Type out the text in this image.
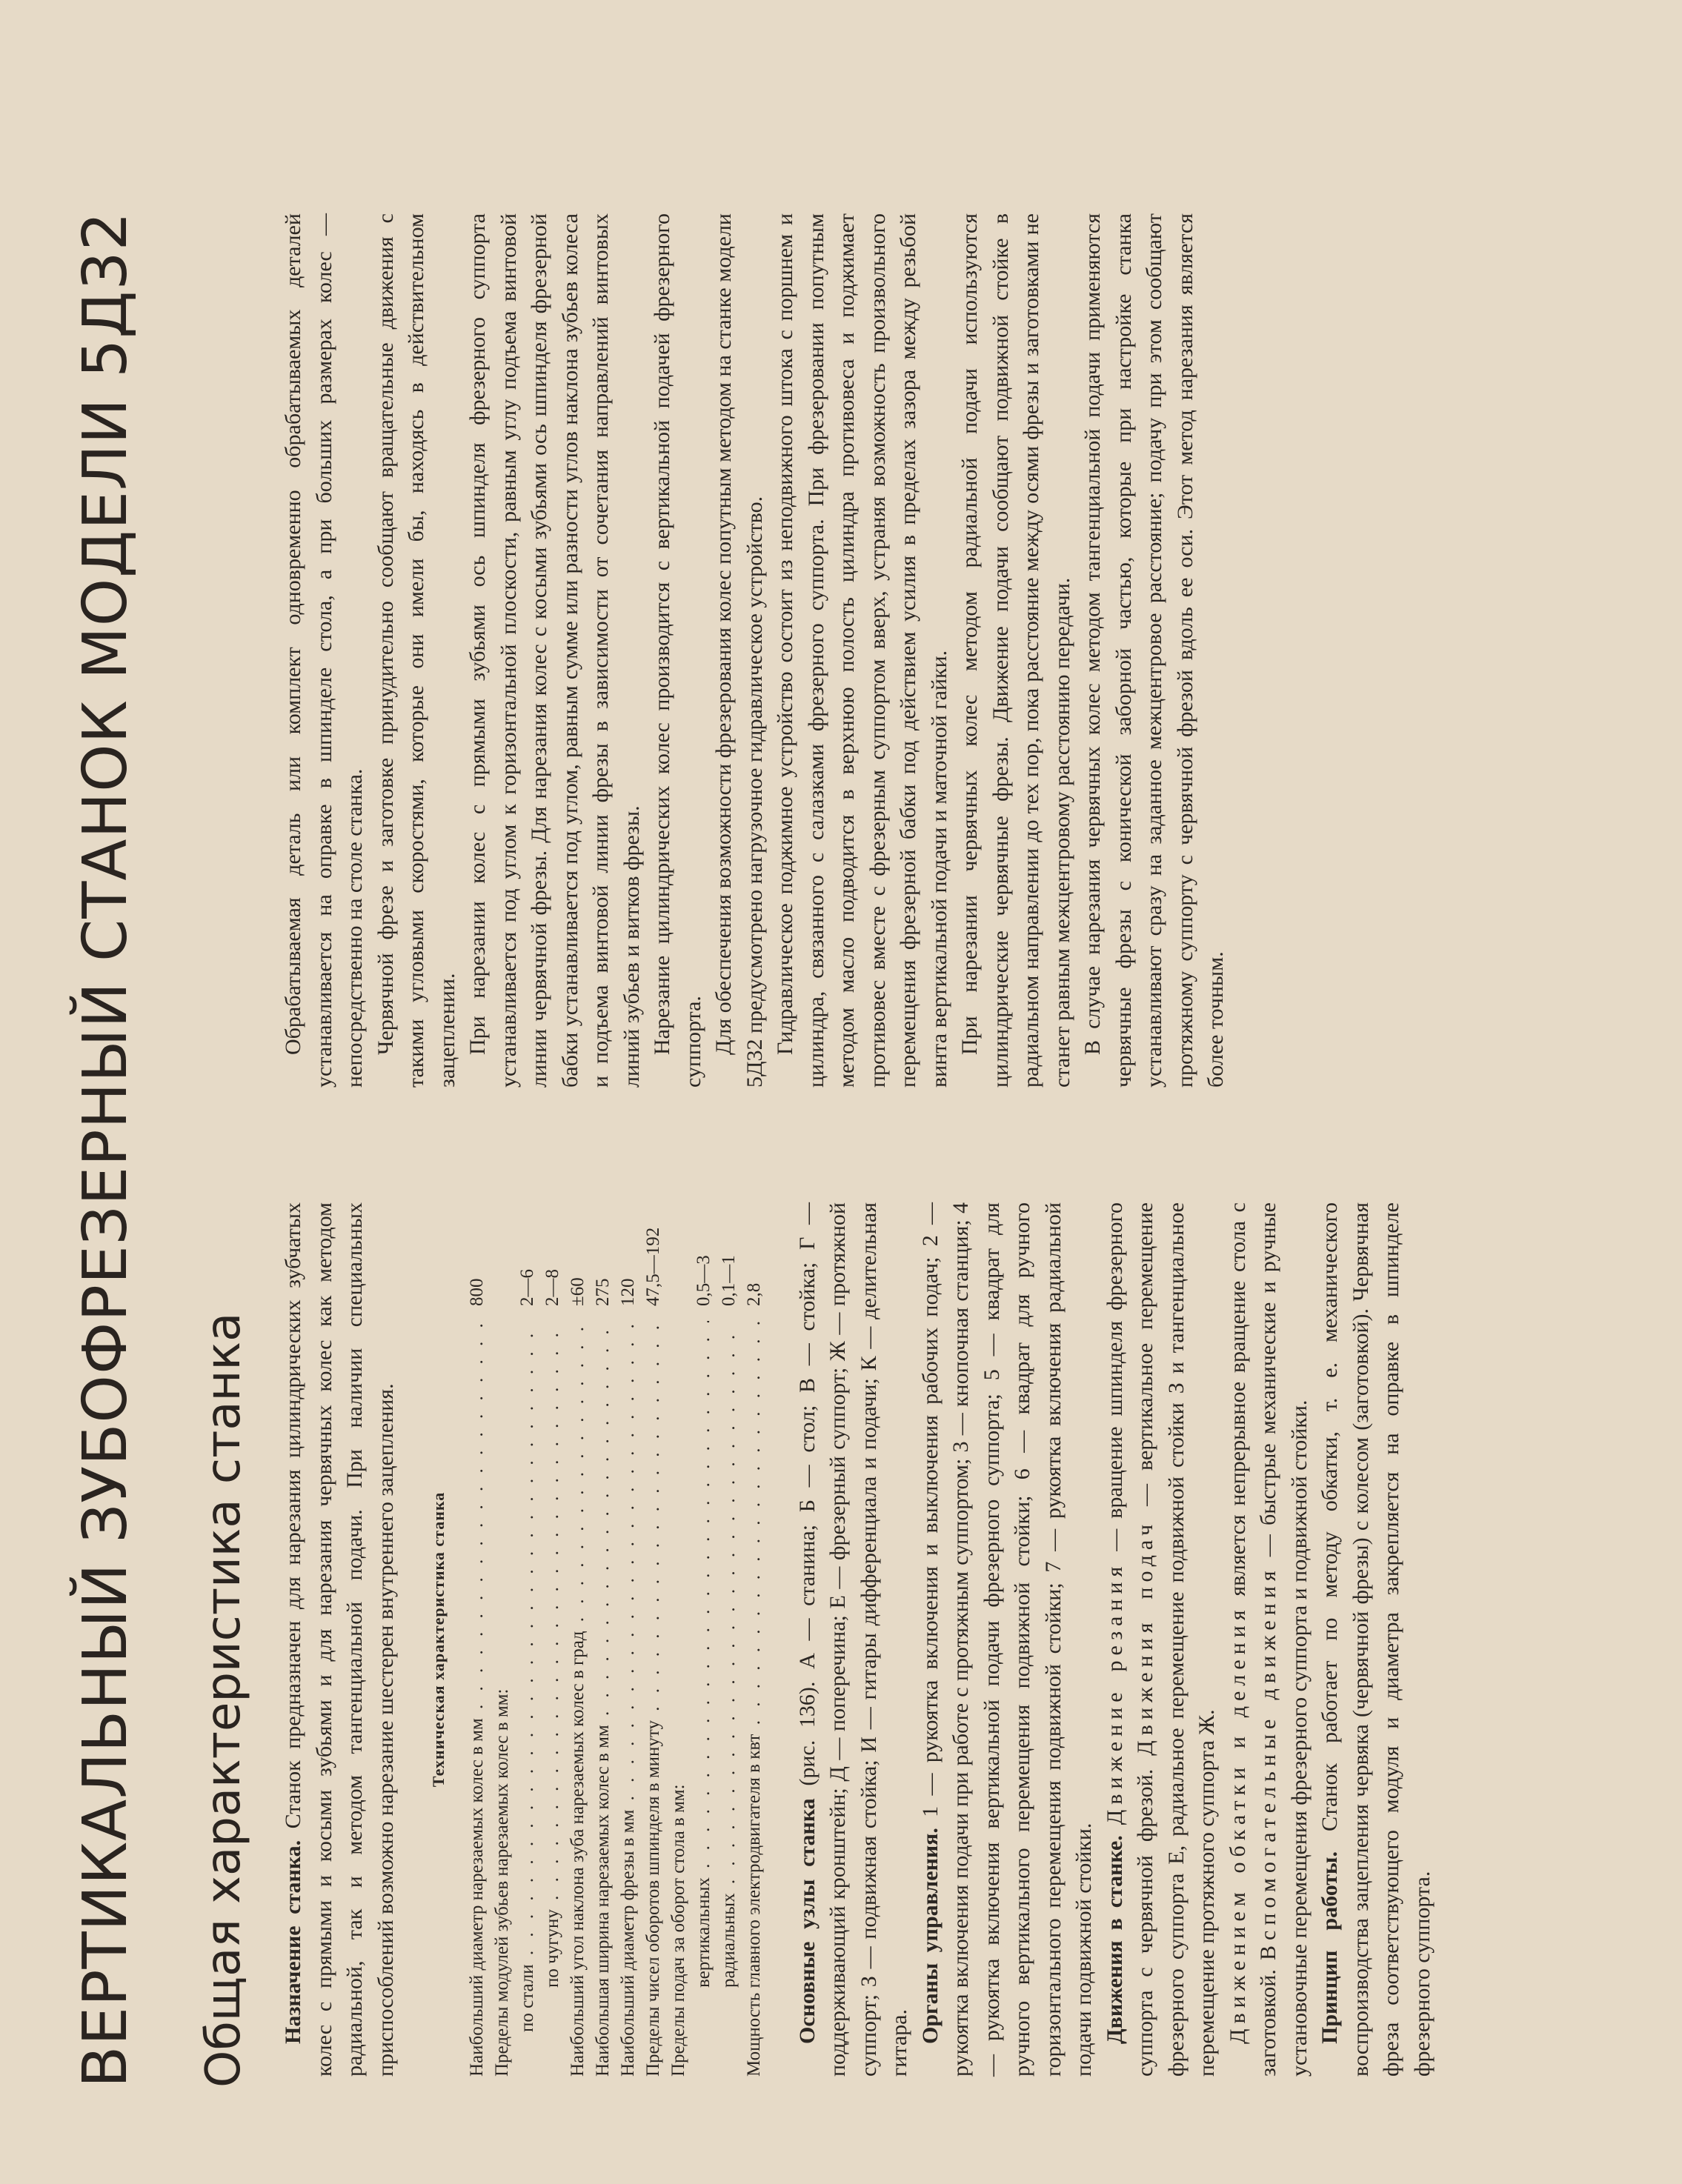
ВЕРТИКАЛЬНЫЙ ЗУБОФРЕЗЕРНЫЙ СТАНОК МОДЕЛИ 5Д32 Общая характеристика станка Назначение станка. Станок предназначен для нарезания цилиндрических зубчатых колес с прямыми и косыми зубьями и для нарезания червячных колес как методом радиальной, так и методом тангенциальной подачи. При наличии специальных приспособлений возможно нарезание шестерен внутреннего зацепления.	Техническая характеристика станка
Наибольший диаметр нарезаемых колес в мм . . .
800
Пределы модулей зубьев нарезаемых колес в мм: по стали . . .
2—6
по чугуну . . .
2—8
Наибольший угол наклона зуба нарезаемых колес в град . . .
±60
Наибольшая ширина нарезаемых колес в мм . . .
275
Наибольший диаметр фрезы в мм . . .
120
Пределы чисел оборотов шпинделя в минуту . . .
47,5—192
Пределы подач за оборот стола в мм: вертикальных . . .
0,5—3
радиальных . . .
0,1—1
Мощность главного электродвигателя в квт . . .
2,8

Основные узлы станка (рис. 136). А — станина; Б — стол; В — стойка; Г — поддерживающий кронштейн; Д — поперечина; Е — фрезерный суппорт; Ж — протяжной суппорт; З — подвижная стойка; И — гитары дифференциала и подачи; К — делительная гитара. Органы управления. 1 — рукоятка включения и выключения рабочих подач; 2 — рукоятка включения подачи при работе с протяжным суппортом; 3 — кнопочная станция; 4 — рукоятка включения вертикальной подачи фрезерного суппорта; 5 — квадрат для ручного вертикального перемещения подвижной стойки; 6 — квадрат для ручного горизонтального перемещения подвижной стойки; 7 — рукоятка включения радиальной подачи подвижной стойки. Движения в станке. Движение резания — вращение шпинделя фрезерного суппорта с червячной фрезой. Движения подач — вертикальное перемещение фрезерного суппорта Е, радиальное перемещение подвижной стойки З и тангенциальное перемещение протяжного суппорта Ж. Движением обкатки и деления является непрерывное вращение стола с заготовкой. Вспомогательные движения — быстрые механические и ручные установочные перемещения фрезерного суппорта и подвижной стойки. Принцип работы. Станок работает по методу обкатки, т. е. механического воспроизводства зацепления червяка (червячной фрезы) с колесом (заготовкой). Червячная фреза соответствующего модуля и диаметра закрепляется на оправке в шпинделе фрезерного суппорта.

Обрабатываемая деталь или комплект одновременно обрабатываемых деталей устанавливается на оправке в шпинделе стола, а при больших размерах колес — непосредственно на столе станка. Червячной фрезе и заготовке принудительно сообщают вращательные движения с такими угловыми скоростями, которые они имели бы, находясь в действительном зацеплении. При нарезании колес с прямыми зубьями ось шпинделя фрезерного суппорта устанавливается под углом к горизонтальной плоскости, равным углу подъема винтовой линии червячной фрезы. Для нарезания колес с косыми зубьями ось шпинделя фрезерной бабки устанавливается под углом, равным сумме или разности углов наклона зубьев колеса и подъема винтовой линии фрезы в зависимости от сочетания направлений винтовых линий зубьев и витков фрезы. Нарезание цилиндрических колес производится с вертикальной подачей фрезерного суппорта. Для обеспечения возможности фрезерования колес попутным методом на станке модели 5Д32 предусмотрено нагрузочное гидравлическое устройство. Гидравлическое поджимное устройство состоит из неподвижного штока с поршнем и цилиндра, связанного с салазками фрезерного суппорта. При фрезеровании попутным методом масло подводится в верхнюю полость цилиндра противовеса и поджимает противовес вместе с фрезерным суппортом вверх, устраняя возможность произвольного перемещения фрезерной бабки под действием усилия в пределах зазора между резьбой винта вертикальной подачи и маточной гайки. При нарезании червячных колес методом радиальной подачи используются цилиндрические червячные фрезы. Движение подачи сообщают подвижной стойке в радиальном направлении до тех пор, пока расстояние между осями фрезы и заготовками не станет равным межцентровому расстоянию передачи. В случае нарезания червячных колес методом тангенциальной подачи применяются червячные фрезы с конической заборной частью, которые при настройке станка устанавливают сразу на заданное межцентровое расстояние; подачу при этом сообщают протяжному суппорту с червячной фрезой вдоль ее оси. Этот метод нарезания является более точным.
